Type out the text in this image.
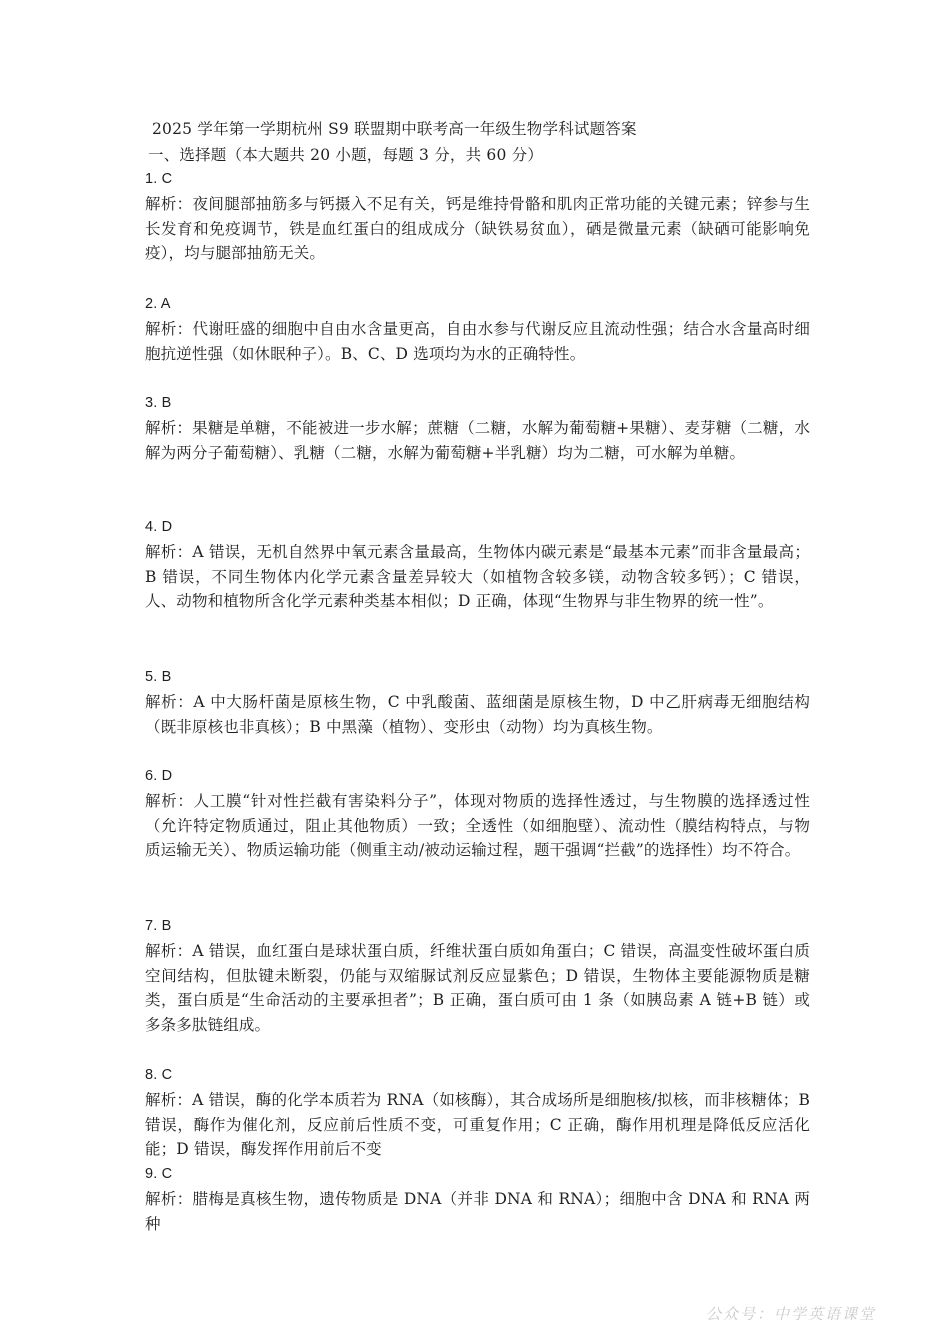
2025 学年第一学期杭州 S9 联盟期中联考高一年级生物学科试题答案
一、选择题（本大题共 20 小题，每题 3 分，共 60 分）
1. C
解析：夜间腿部抽筋多与钙摄入不足有关，钙是维持骨骼和肌肉正常功能的关键元素；锌参与生长发育和免疫调节，铁是血红蛋白的组成成分（缺铁易贫血），硒是微量元素（缺硒可能影响免疫），均与腿部抽筋无关。
2. A
解析：代谢旺盛的细胞中自由水含量更高，自由水参与代谢反应且流动性强；结合水含量高时细胞抗逆性强（如休眠种子）。B、C、D 选项均为水的正确特性。
3. B
解析：果糖是单糖，不能被进一步水解；蔗糖（二糖，水解为葡萄糖+果糖）、麦芽糖（二糖，水解为两分子葡萄糖）、乳糖（二糖，水解为葡萄糖+半乳糖）均为二糖，可水解为单糖。
4. D
解析：A 错误，无机自然界中氧元素含量最高，生物体内碳元素是“最基本元素”而非含量最高；B 错误，不同生物体内化学元素含量差异较大（如植物含较多镁，动物含较多钙）；C 错误，人、动物和植物所含化学元素种类基本相似；D 正确，体现“生物界与非生物界的统一性”。
5. B
解析：A 中大肠杆菌是原核生物，C 中乳酸菌、蓝细菌是原核生物，D 中乙肝病毒无细胞结构（既非原核也非真核）；B 中黑藻（植物）、变形虫（动物）均为真核生物。
6. D
解析：人工膜“针对性拦截有害染料分子”，体现对物质的选择性透过，与生物膜的选择透过性（允许特定物质通过，阻止其他物质）一致；全透性（如细胞壁）、流动性（膜结构特点，与物质运输无关）、物质运输功能（侧重主动/被动运输过程，题干强调“拦截”的选择性）均不符合。
7. B
解析：A 错误，血红蛋白是球状蛋白质，纤维状蛋白质如角蛋白；C 错误，高温变性破坏蛋白质空间结构，但肽键未断裂，仍能与双缩脲试剂反应显紫色；D 错误，生物体主要能源物质是糖类，蛋白质是“生命活动的主要承担者”；B 正确，蛋白质可由 1 条（如胰岛素 A 链+B 链）或多条多肽链组成。
8. C
解析：A 错误，酶的化学本质若为 RNA（如核酶），其合成场所是细胞核/拟核，而非核糖体；B 错误，酶作为催化剂，反应前后性质不变，可重复作用；C 正确，酶作用机理是降低反应活化能；D 错误，酶发挥作用前后不变
9. C
解析：腊梅是真核生物，遗传物质是 DNA（并非 DNA 和 RNA）；细胞中含 DNA 和 RNA 两种
公众号：中学英语课堂
